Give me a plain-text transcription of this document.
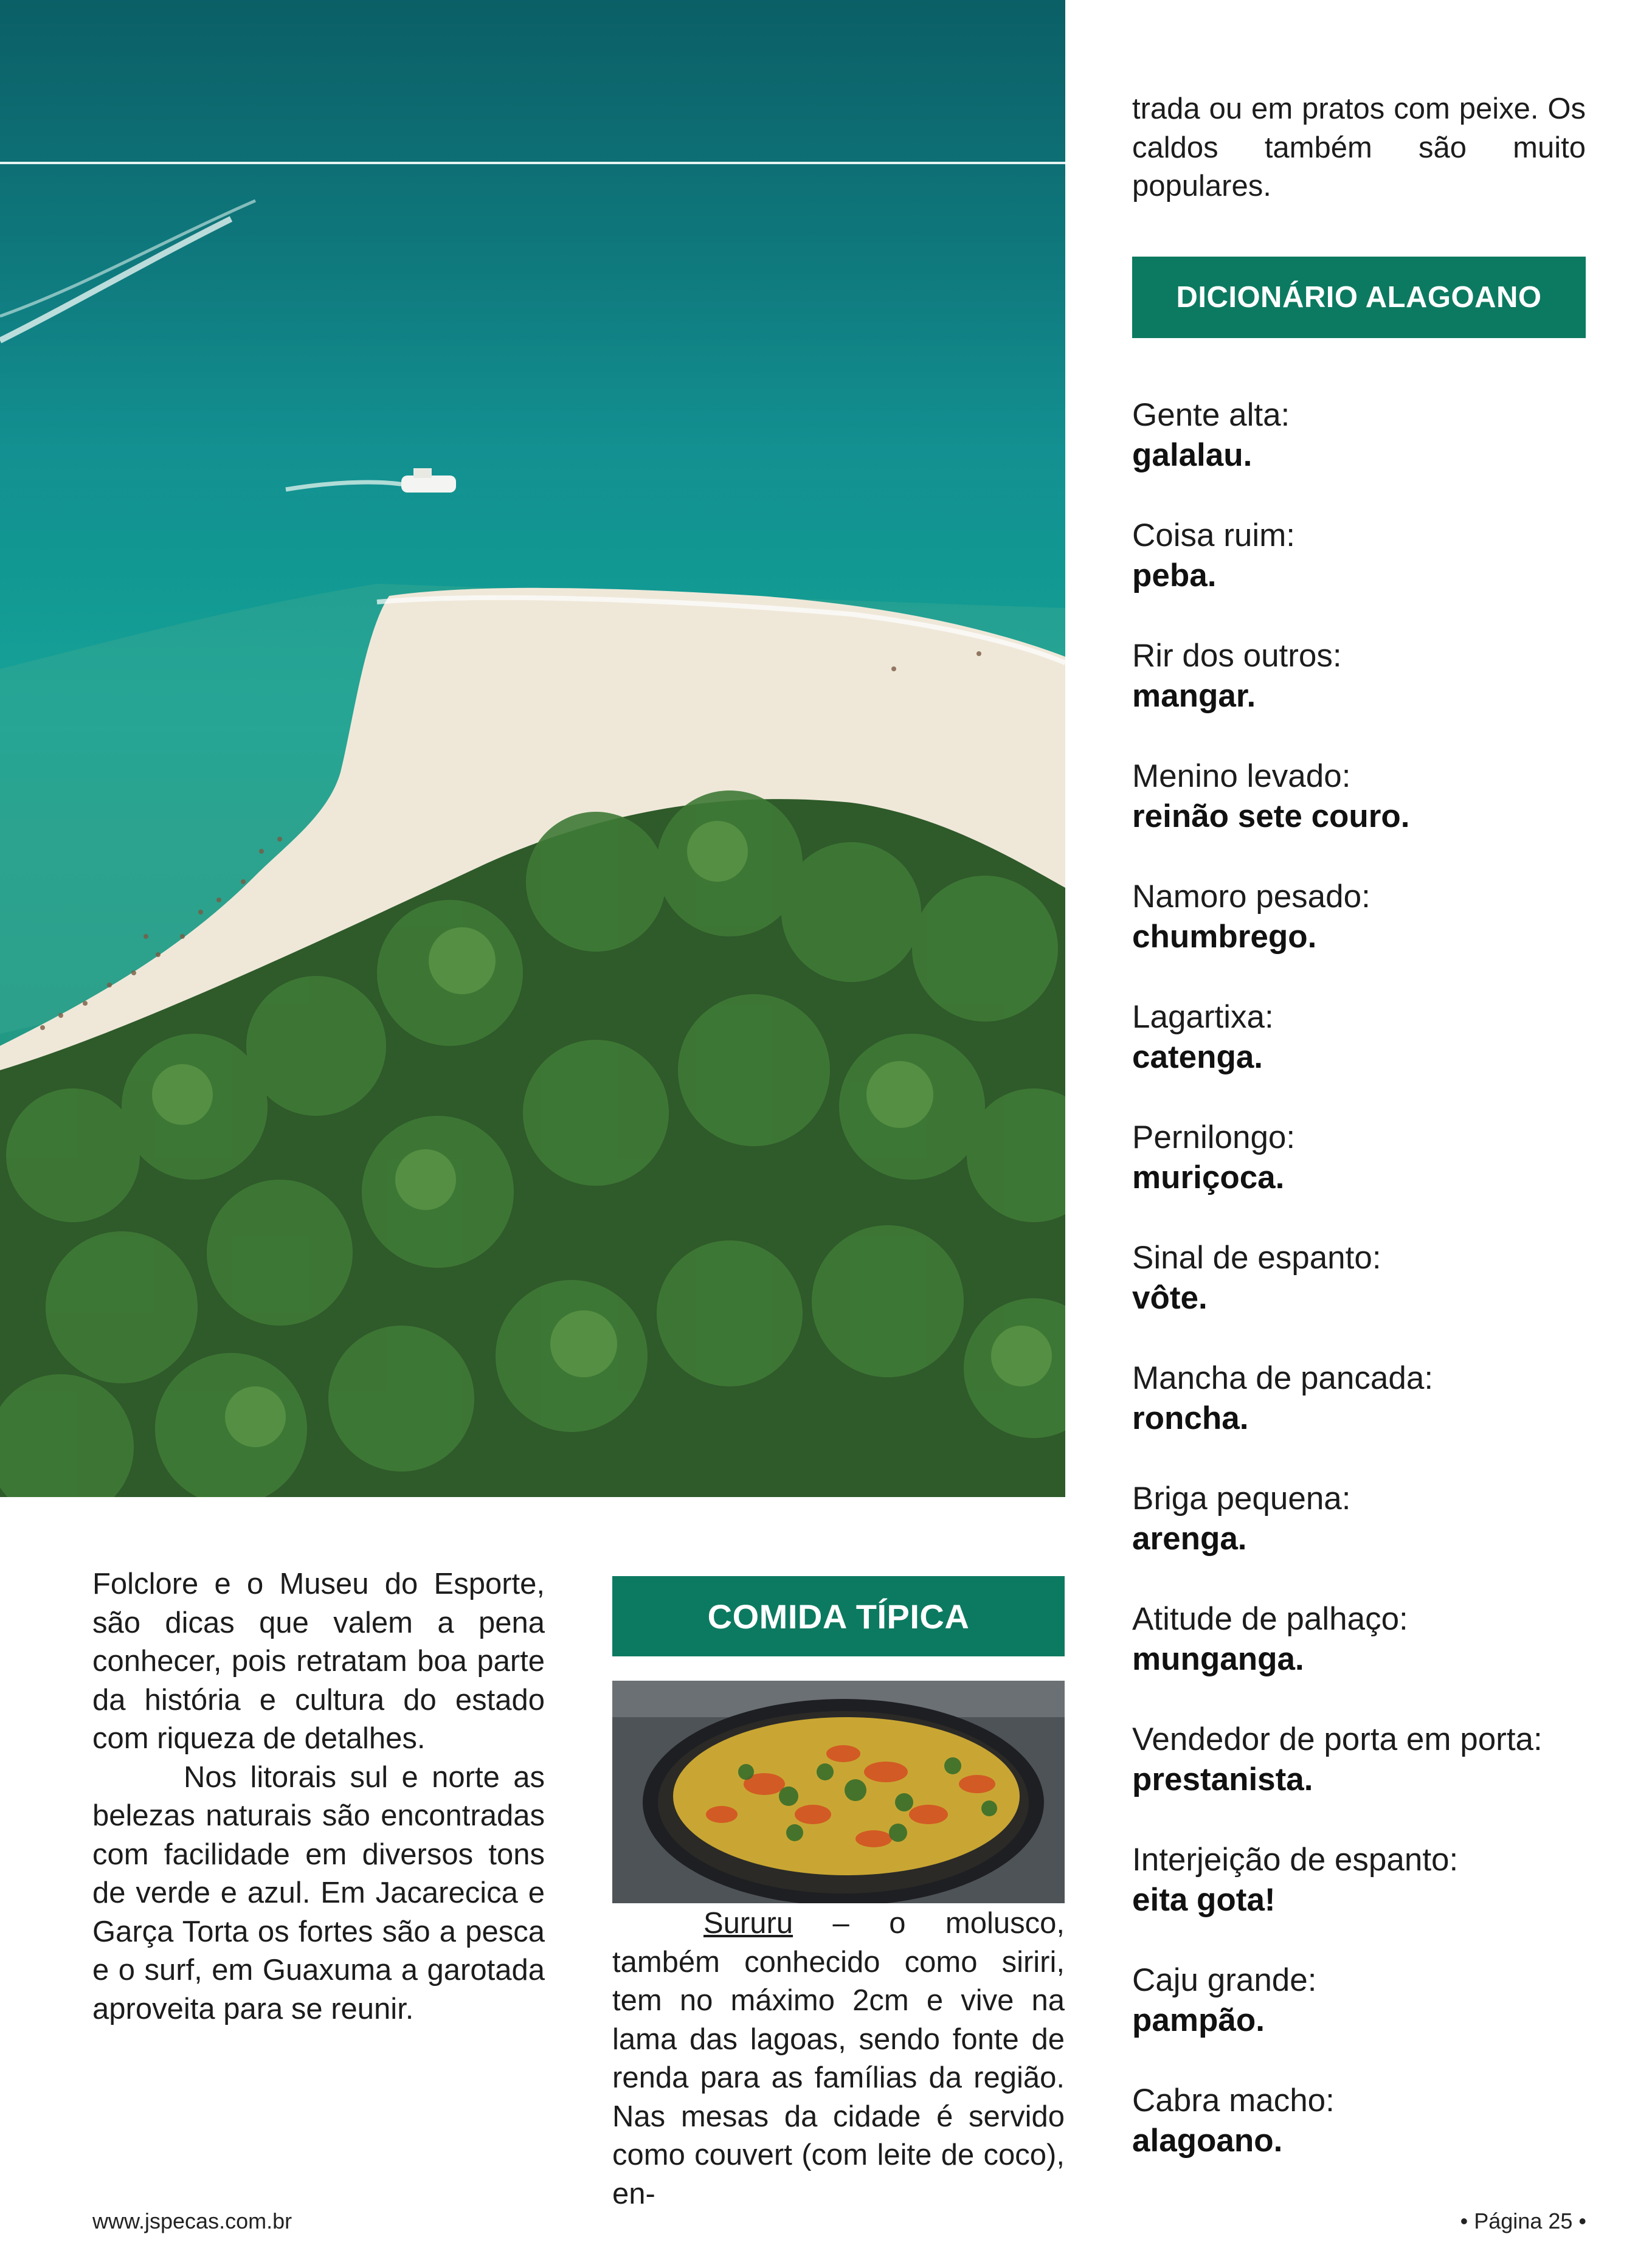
Folclore e o Museu do Esporte, são dicas que valem a pena conhecer, pois retratam boa parte da história e cultura do estado com riqueza de detalhes.

Nos litorais sul e norte as belezas naturais são encontradas com facilidade em diversos tons de verde e azul. Em Jacarecica e Garça Torta os fortes são a pesca e o surf, em Guaxuma a garotada aproveita para se reunir.

COMIDA TÍPICA

Sururu – o molusco, também conhecido como siriri, tem no máximo 2cm e vive na lama das lagoas, sendo fonte de renda para as famílias da região. Nas mesas da cidade é servido como couvert (com leite de coco), en-

trada ou em pratos com peixe. Os caldos também são muito populares.

DICIONÁRIO ALAGOANO
Gente alta:
galalau.
Coisa ruim:
peba.
Rir dos outros:
mangar.
Menino levado:
reinão sete couro.
Namoro pesado:
chumbrego.
Lagartixa:
catenga.
Pernilongo:
muriçoca.
Sinal de espanto:
vôte.
Mancha de pancada:
roncha.
Briga pequena:
arenga.
Atitude de palhaço:
munganga.
Vendedor de porta em porta:
prestanista.
Interjeição de espanto:
eita gota!
Caju grande:
pampão.
Cabra macho:
alagoano.
www.jspecas.com.br	• Página 25 •
